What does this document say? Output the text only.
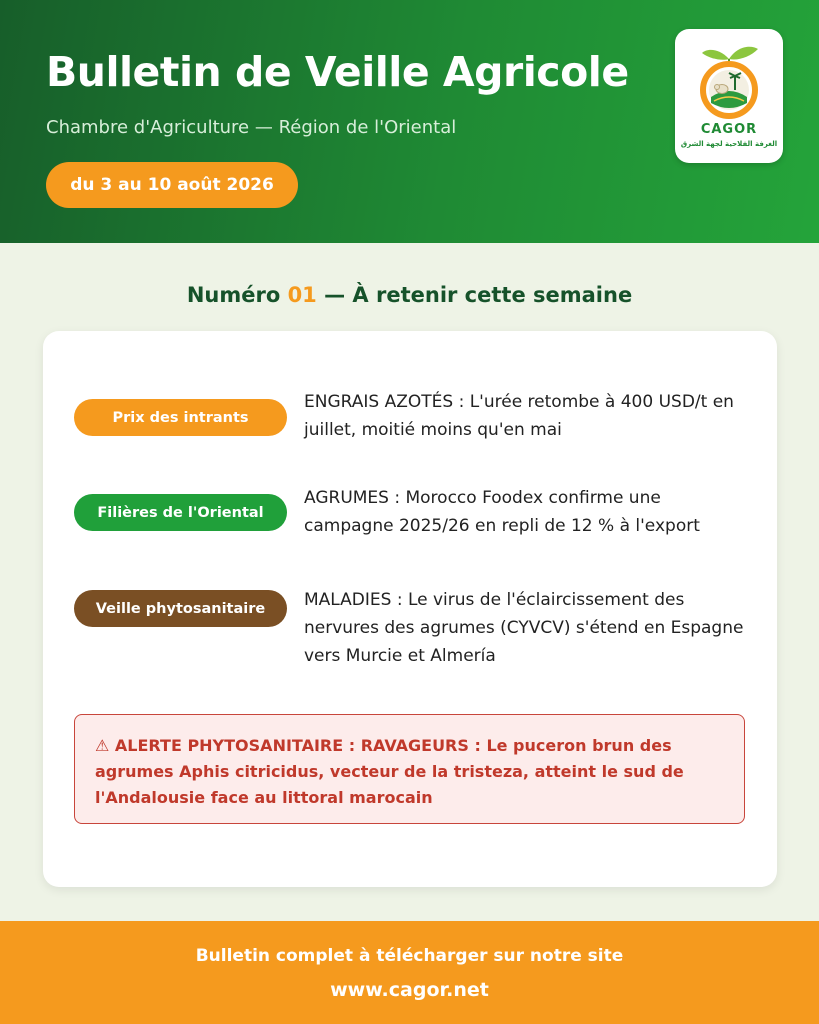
Bulletin de Veille Agricole
Chambre d'Agriculture — Région de l'Oriental
du 3 au 10 août 2026
CAGOR
الغرفة الفلاحية لجهة الشرق
Numéro 01 — À retenir cette semaine
Prix des intrants
ENGRAIS AZOTÉS : L'urée retombe à 400 USD/t en juillet, moitié moins qu'en mai
Filières de l'Oriental
AGRUMES : Morocco Foodex confirme une campagne 2025/26 en repli de 12 % à l'export
Veille phytosanitaire	MALADIES : Le virus de l'éclaircissement des nervures des agrumes (CYVCV) s'étend en Espagne vers Murcie et Almería
⚠ ALERTE PHYTOSANITAIRE : RAVAGEURS : Le puceron brun des agrumes Aphis citricidus, vecteur de la tristeza, atteint le sud de l'Andalousie face au littoral marocain
Bulletin complet à télécharger sur notre site
www.cagor.net
